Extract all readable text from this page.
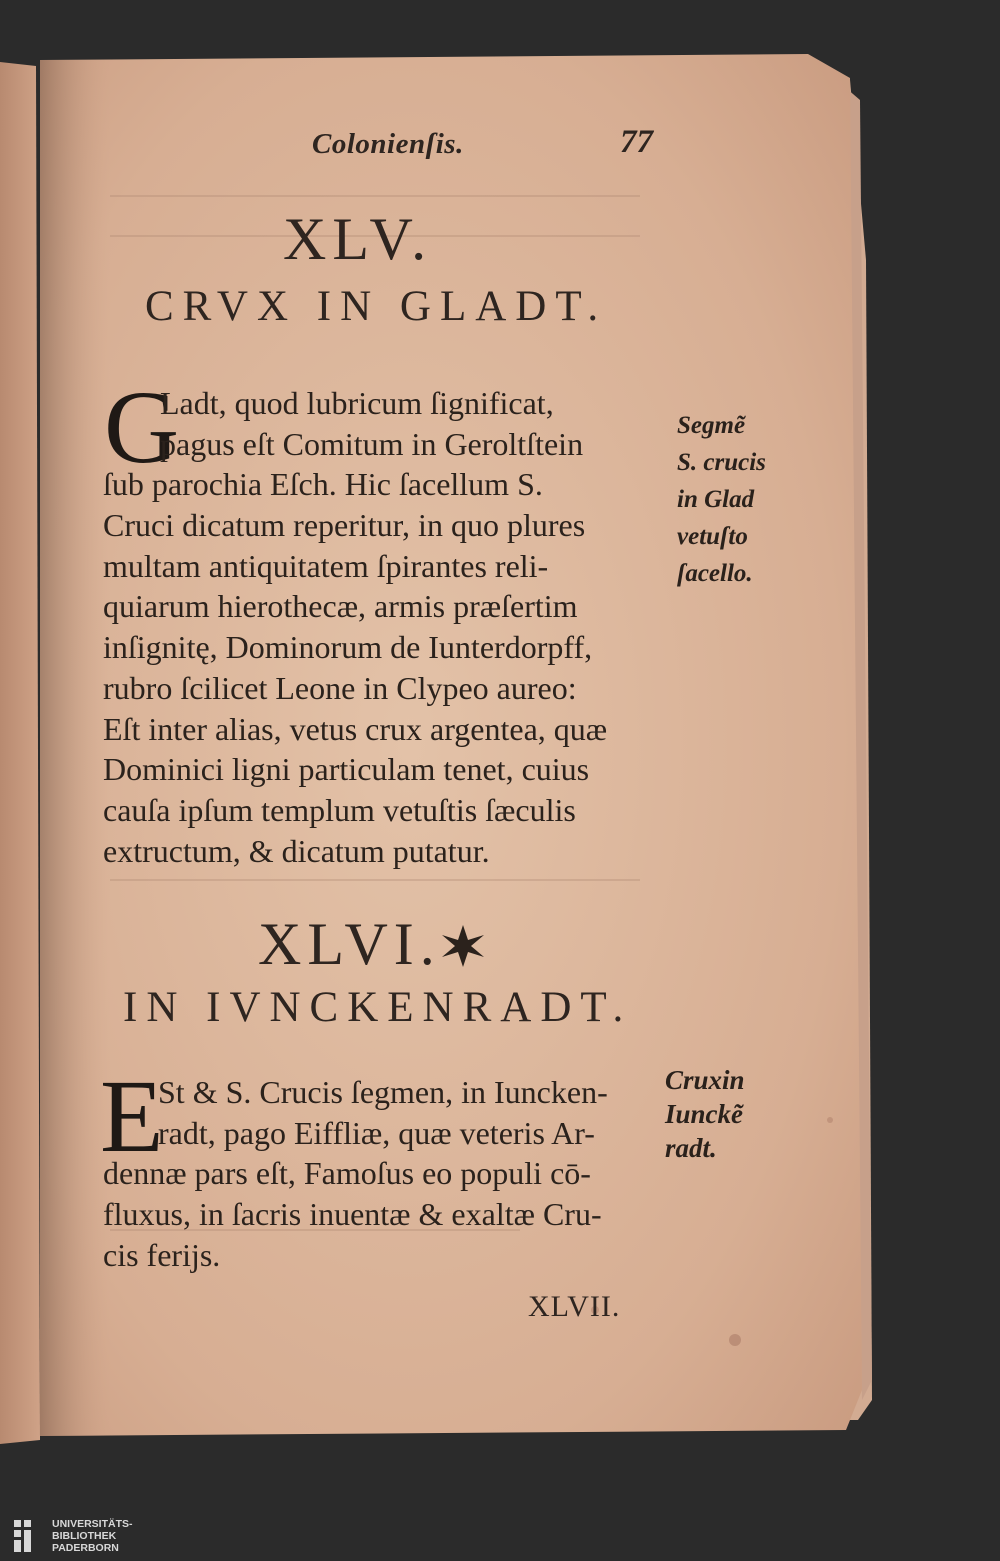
Colonienſis.	77
XLV.
CRVX IN GLADT.
G
Ladt, quod lubricum ſignificat,
pagus eſt Comitum in Geroltſtein
ſub parochia Eſch. Hic ſacellum S.
Cruci dicatum reperitur, in quo plures
multam antiquitatem ſpirantes reli-
quiarum hierothecæ, armis præſertim
inſignitę, Dominorum de Iunterdorpff,
rubro ſcilicet Leone in Clypeo aureo:
Eſt inter alias, vetus crux argentea, quæ
Dominici ligni particulam tenet, cuius
cauſa ipſum templum vetuſtis ſæculis
extructum, & dicatum putatur.
Segmẽ
S. crucis
in Glad
vetuſto
ſacello.
XLVI.
IN IVNCKENRADT.
E
St & S. Crucis ſegmen, in Iuncken-
radt, pago Eiffliæ, quæ veteris Ar-
dennæ pars eſt, Famoſus eo populi cō-
fluxus, in ſacris inuentæ & exaltæ Cru-
cis ferijs.
Cruxin
Iunckẽ
radt.
XLVII.
UNIVERSITÄTS-
BIBLIOTHEK
PADERBORN
